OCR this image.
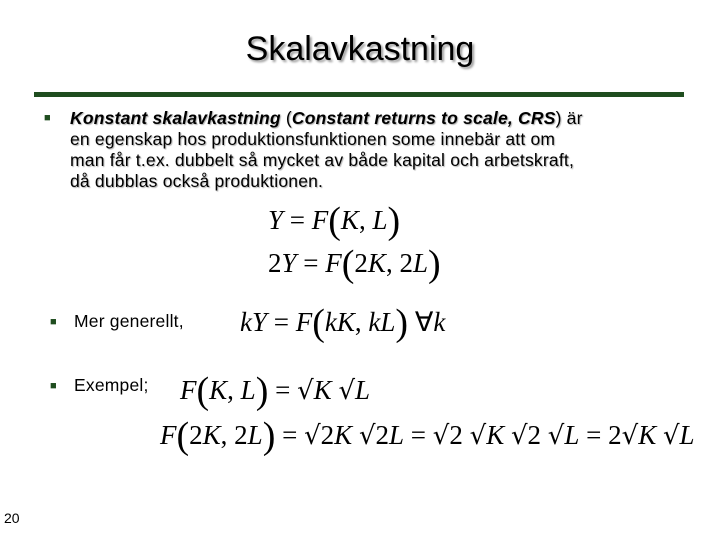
Skalavkastning
■ Konstant skalavkastning (Constant returns to scale, CRS) är
en egenskap hos produktionsfunktionen some innebär att om
man får t.ex. dubbelt så mycket av både kapital och arbetskraft,
då dubblas också produktionen.
Y = F(K, L)
2Y = F(2K, 2L)
■ Mer generellt, kY = F(kK, kL) ∀k
■ Exempel; F(K, L) = √K √L
F(2K, 2L) = √2K √2L = √2 √K √2 √L = 2√K √L
20
